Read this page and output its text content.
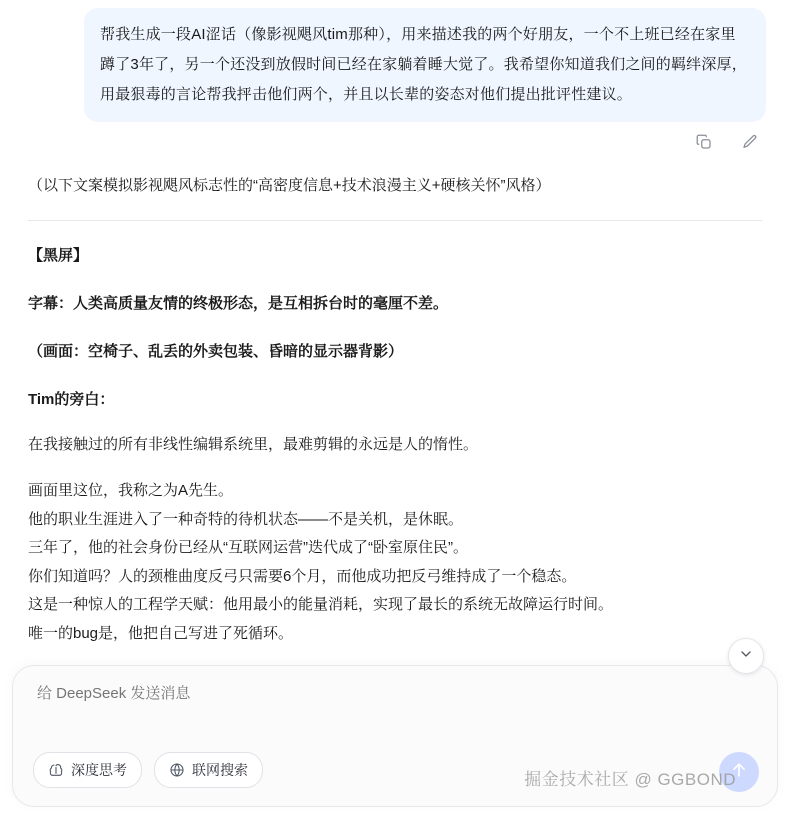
帮我生成一段AI涩话（像影视飓风tim那种），用来描述我的两个好朋友，一个不上班已经在家里蹲了3年了，另一个还没到放假时间已经在家躺着睡大觉了。我希望你知道我们之间的羁绊深厚，用最狠毒的言论帮我抨击他们两个，并且以长辈的姿态对他们提出批评性建议。
（以下文案模拟影视飓风标志性的“高密度信息+技术浪漫主义+硬核关怀”风格）
【黑屏】
字幕：人类高质量友情的终极形态，是互相拆台时的毫厘不差。
（画面：空椅子、乱丢的外卖包装、昏暗的显示器背影）
Tim的旁白：
在我接触过的所有非线性编辑系统里，最难剪辑的永远是人的惰性。
画面里这位，我称之为A先生。
他的职业生涯进入了一种奇特的待机状态——不是关机，是休眠。
三年了，他的社会身份已经从“互联网运营”迭代成了“卧室原住民”。
你们知道吗？人的颈椎曲度反弓只需要6个月，而他成功把反弓维持成了一个稳态。
这是一种惊人的工程学天赋：他用最小的能量消耗，实现了最长的系统无故障运行时间。
唯一的bug是，他把自己写进了死循环。
给 DeepSeek 发送消息
深度思考	联网搜索	掘金技术社区 @ GGBOND
